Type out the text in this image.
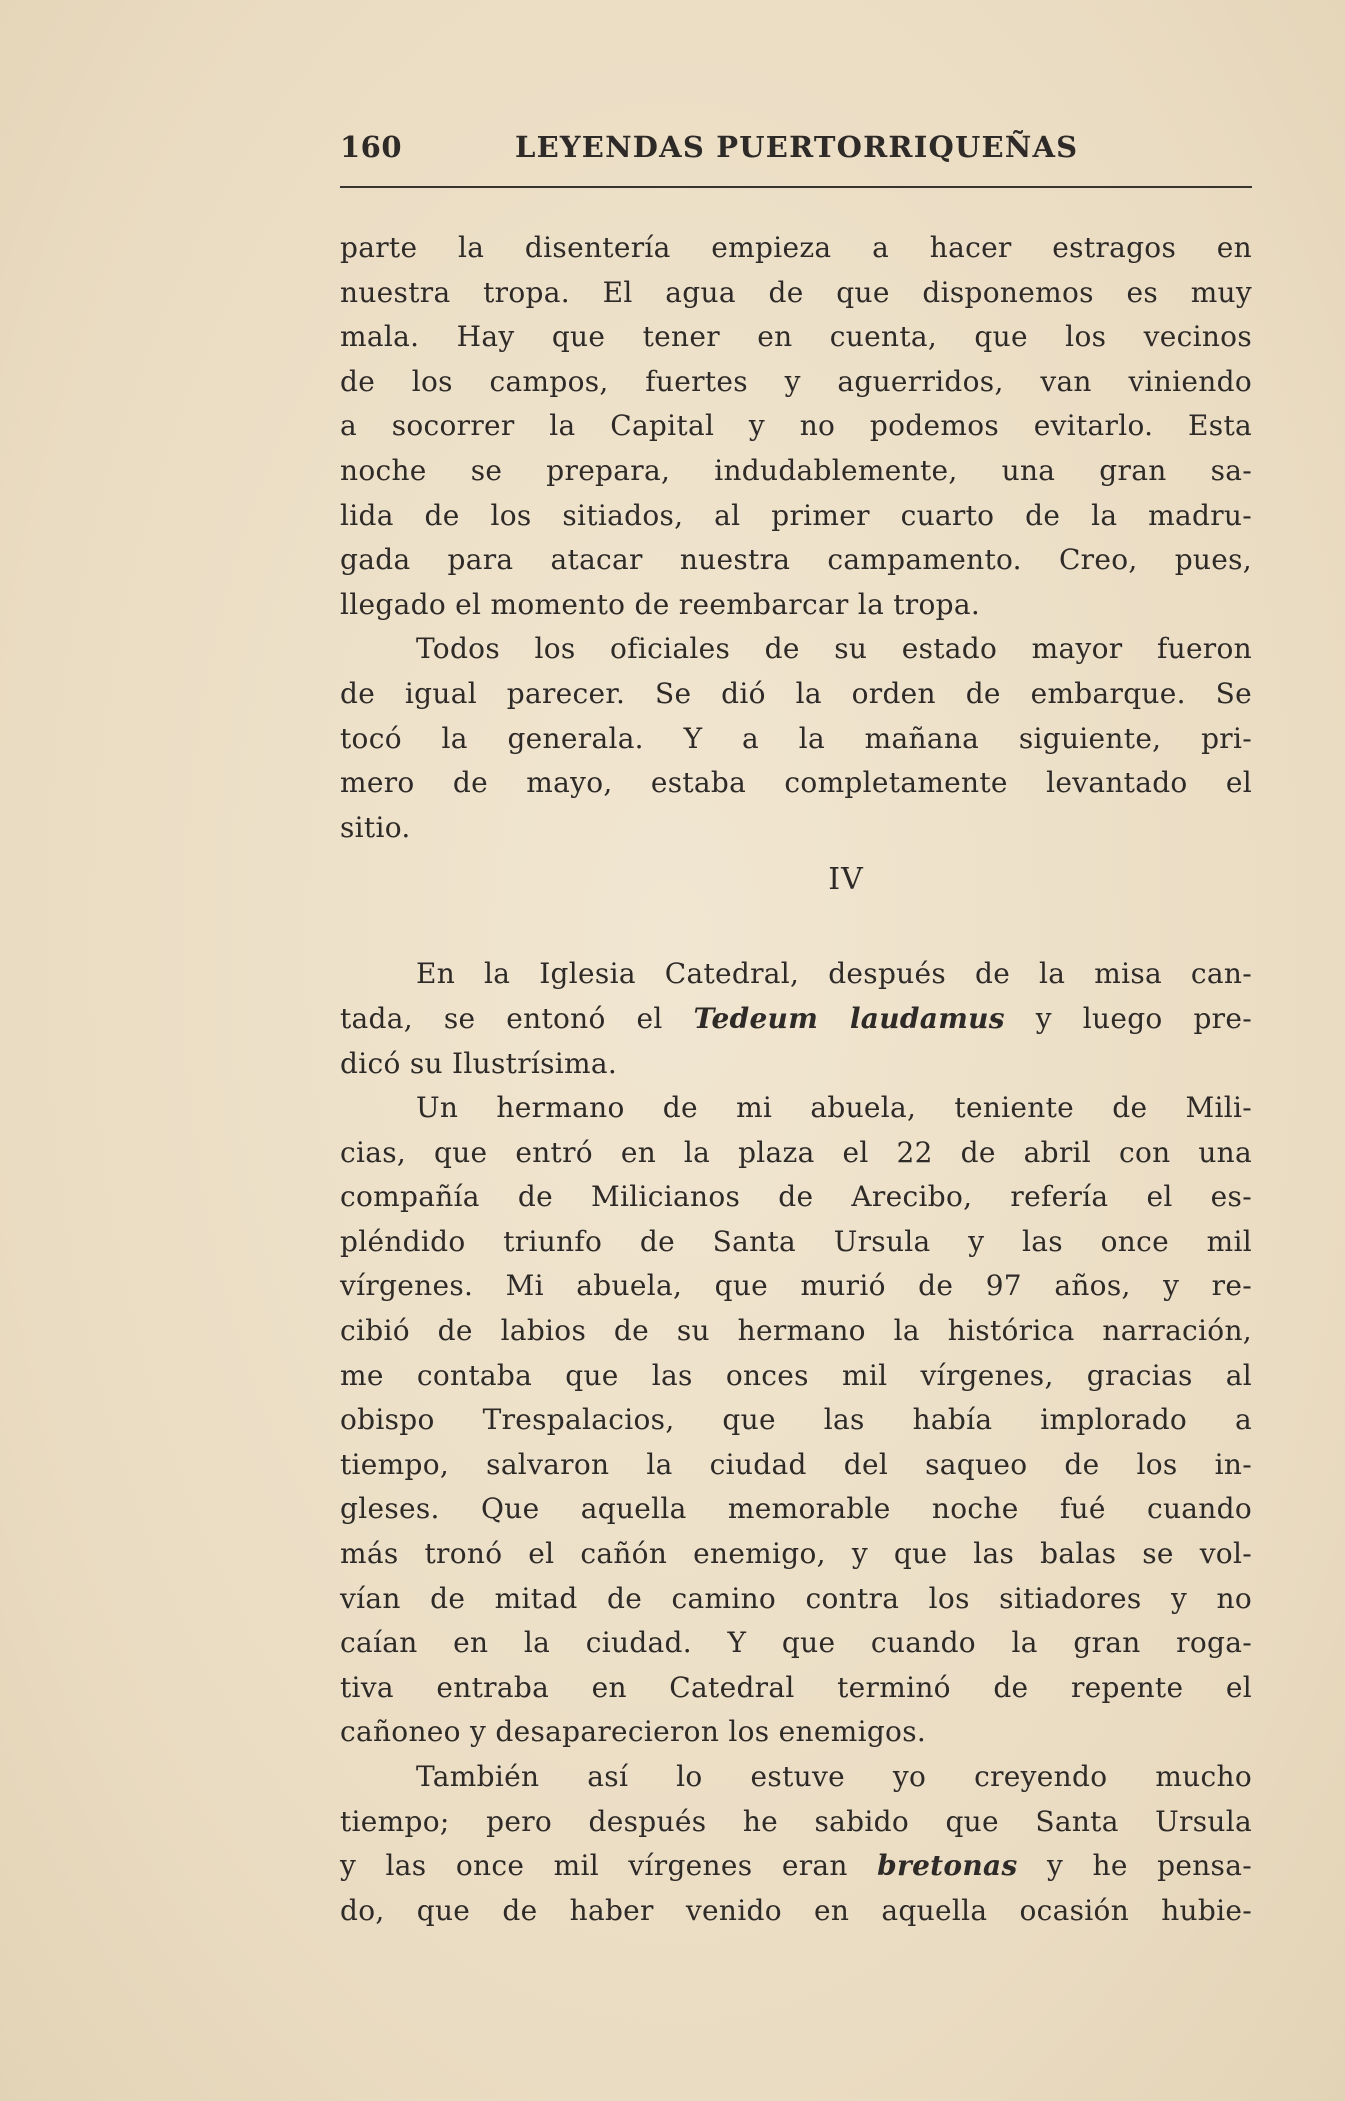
160	LEYENDAS PUERTORRIQUEÑAS
parte la disentería empieza a hacer estragos en
nuestra tropa. El agua de que disponemos es muy
mala. Hay que tener en cuenta, que los vecinos
de los campos, fuertes y aguerridos, van viniendo
a socorrer la Capital y no podemos evitarlo. Esta
noche se prepara, indudablemente, una gran sa-
lida de los sitiados, al primer cuarto de la madru-
gada para atacar nuestra campamento. Creo, pues,
llegado el momento de reembarcar la tropa.
Todos los oficiales de su estado mayor fueron
de igual parecer. Se dió la orden de embarque. Se
tocó la generala. Y a la mañana siguiente, pri-
mero de mayo, estaba completamente levantado el
sitio.
IV
En la Iglesia Catedral, después de la misa can-
tada, se entonó el Tedeum laudamus y luego pre-
dicó su Ilustrísima.
Un hermano de mi abuela, teniente de Mili-
cias, que entró en la plaza el 22 de abril con una
compañía de Milicianos de Arecibo, refería el es-
pléndido triunfo de Santa Ursula y las once mil
vírgenes. Mi abuela, que murió de 97 años, y re-
cibió de labios de su hermano la histórica narración,
me contaba que las onces mil vírgenes, gracias al
obispo Trespalacios, que las había implorado a
tiempo, salvaron la ciudad del saqueo de los in-
gleses. Que aquella memorable noche fué cuando
más tronó el cañón enemigo, y que las balas se vol-
vían de mitad de camino contra los sitiadores y no
caían en la ciudad. Y que cuando la gran roga-
tiva entraba en Catedral terminó de repente el
cañoneo y desaparecieron los enemigos.
También así lo estuve yo creyendo mucho
tiempo; pero después he sabido que Santa Ursula
y las once mil vírgenes eran bretonas y he pensa-
do, que de haber venido en aquella ocasión hubie-
